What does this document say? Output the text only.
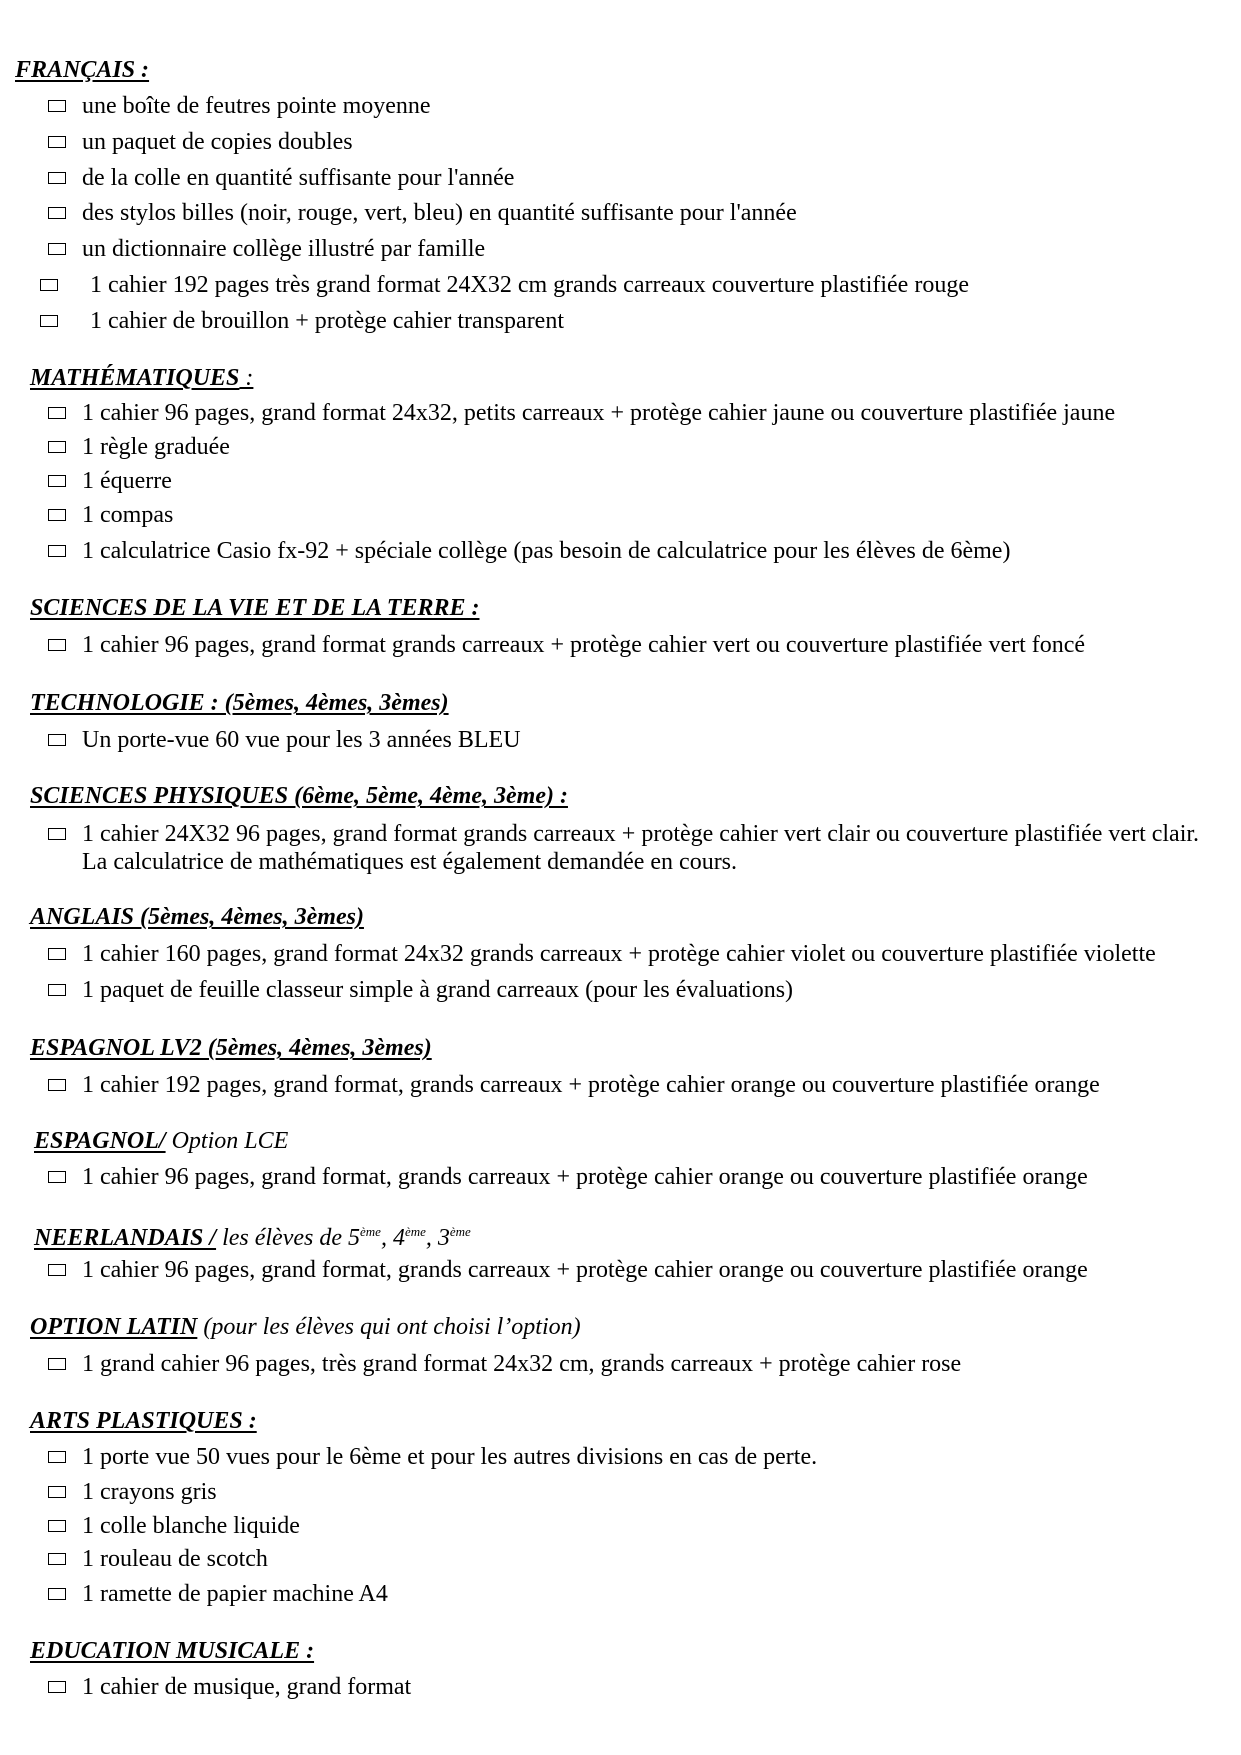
FRANÇAIS :
une boîte de feutres pointe moyenne
un paquet de copies doubles
de la colle en quantité suffisante pour l'année
des stylos billes (noir, rouge, vert, bleu) en quantité suffisante pour l'année
un dictionnaire collège illustré par famille
1 cahier 192 pages très grand format 24X32 cm grands carreaux couverture plastifiée rouge
1 cahier de brouillon + protège cahier transparent
MATHÉMATIQUES :
1 cahier 96 pages, grand format 24x32, petits carreaux + protège cahier jaune ou couverture plastifiée jaune
1 règle graduée
1 équerre
1 compas
1 calculatrice Casio fx-92 + spéciale collège (pas besoin de calculatrice pour les élèves de 6ème)
SCIENCES DE LA VIE ET DE LA TERRE :
1 cahier 96 pages, grand format grands carreaux + protège cahier vert ou couverture plastifiée vert foncé
TECHNOLOGIE : (5èmes, 4èmes, 3èmes)
Un porte-vue 60 vue pour les 3 années BLEU
SCIENCES PHYSIQUES (6ème, 5ème, 4ème, 3ème) :
1 cahier 24X32 96 pages, grand format grands carreaux + protège cahier vert clair ou couverture plastifiée vert clair. La calculatrice de mathématiques est également demandée en cours.
ANGLAIS (5èmes, 4èmes, 3èmes)
1 cahier 160 pages, grand format 24x32 grands carreaux + protège cahier violet ou couverture plastifiée violette
1 paquet de feuille classeur simple à grand carreaux (pour les évaluations)
ESPAGNOL LV2 (5èmes, 4èmes, 3èmes)
1 cahier 192 pages, grand format, grands carreaux + protège cahier orange ou couverture plastifiée orange
ESPAGNOL/ Option LCE
1 cahier 96 pages, grand format, grands carreaux + protège cahier orange ou couverture plastifiée orange
NEERLANDAIS / les élèves de 5ème, 4ème, 3ème
1 cahier 96 pages, grand format, grands carreaux + protège cahier orange ou couverture plastifiée orange
OPTION LATIN (pour les élèves qui ont choisi l’option)
1 grand cahier 96 pages, très grand format 24x32 cm, grands carreaux + protège cahier rose
ARTS PLASTIQUES :
1 porte vue 50 vues pour le 6ème et pour les autres divisions en cas de perte.
1 crayons gris
1 colle blanche liquide
1 rouleau de scotch
1 ramette de papier machine A4
EDUCATION MUSICALE :
1 cahier de musique, grand format
